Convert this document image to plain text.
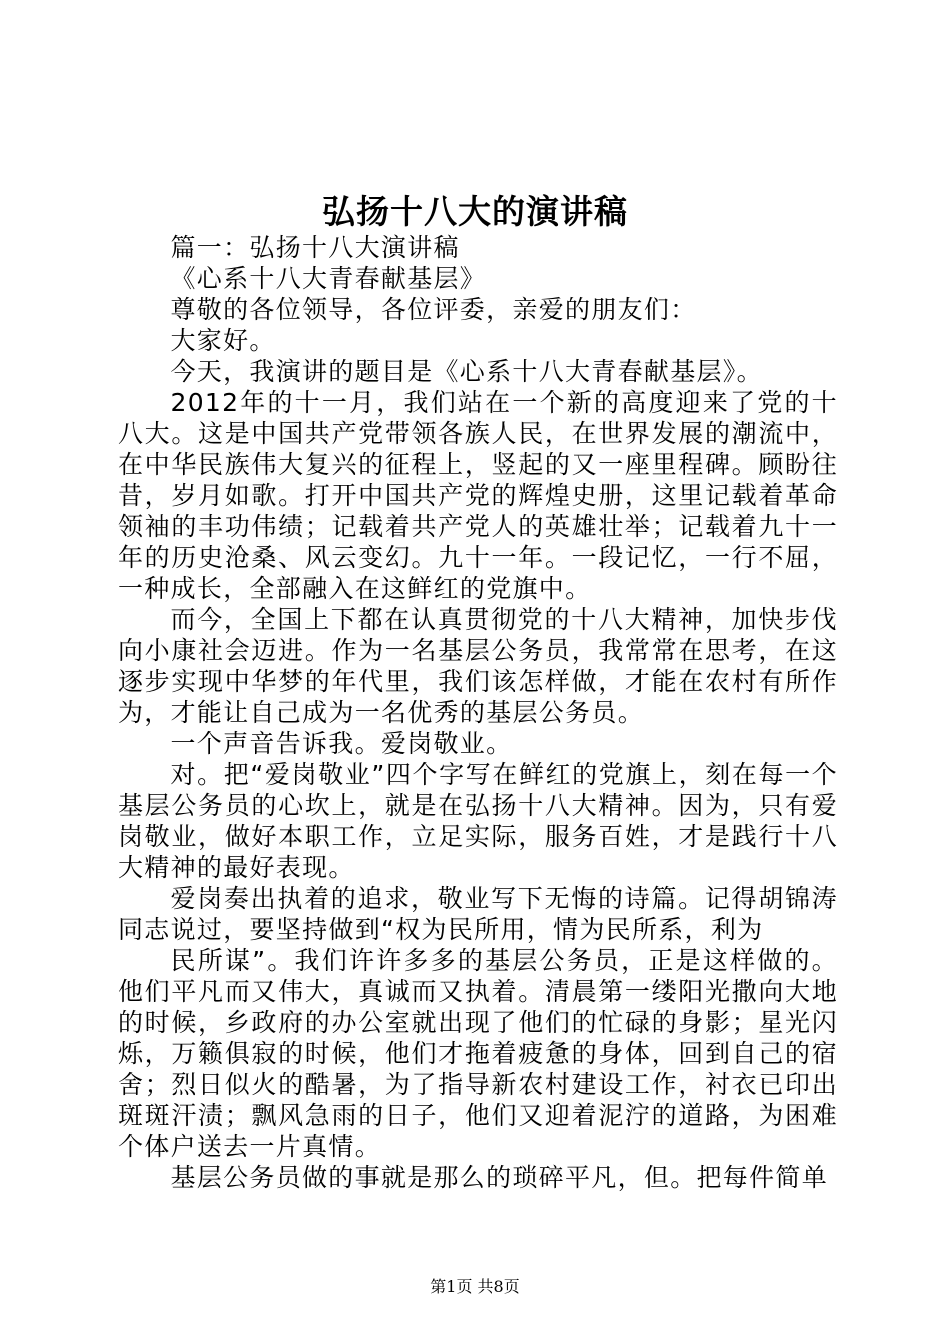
弘扬十八大的演讲稿

篇一：弘扬十八大演讲稿

《心系十八大青春献基层》

尊敬的各位领导，各位评委，亲爱的朋友们：

大家好。

今天，我演讲的题目是《心系十八大青春献基层》。

2012年的十一月，我们站在一个新的高度迎来了党的十八大。这是中国共产党带领各族人民，在世界发展的潮流中，在中华民族伟大复兴的征程上，竖起的又一座里程碑。顾盼往昔，岁月如歌。打开中国共产党的辉煌史册，这里记载着革命领袖的丰功伟绩；记载着共产党人的英雄壮举；记载着九十一年的历史沧桑、风云变幻。九十一年。一段记忆，一行不屈，一种成长，全部融入在这鲜红的党旗中。

而今，全国上下都在认真贯彻党的十八大精神，加快步伐向小康社会迈进。作为一名基层公务员，我常常在思考，在这逐步实现中华梦的年代里，我们该怎样做，才能在农村有所作为，才能让自己成为一名优秀的基层公务员。

一个声音告诉我。爱岗敬业。

对。把“爱岗敬业”四个字写在鲜红的党旗上，刻在每一个基层公务员的心坎上，就是在弘扬十八大精神。因为，只有爱岗敬业，做好本职工作，立足实际，服务百姓，才是践行十八大精神的最好表现。

爱岗奏出执着的追求，敬业写下无悔的诗篇。记得胡锦涛同志说过，要坚持做到“权为民所用，情为民所系，利为

民所谋”。我们许许多多的基层公务员，正是这样做的。他们平凡而又伟大，真诚而又执着。清晨第一缕阳光撒向大地的时候，乡政府的办公室就出现了他们的忙碌的身影；星光闪烁，万籁俱寂的时候，他们才拖着疲惫的身体，回到自己的宿舍；烈日似火的酷暑，为了指导新农村建设工作，衬衣已印出斑斑汗渍；飘风急雨的日子，他们又迎着泥泞的道路，为困难个体户送去一片真情。

基层公务员做的事就是那么的琐碎平凡，但。把每件简单

第1页 共8页
